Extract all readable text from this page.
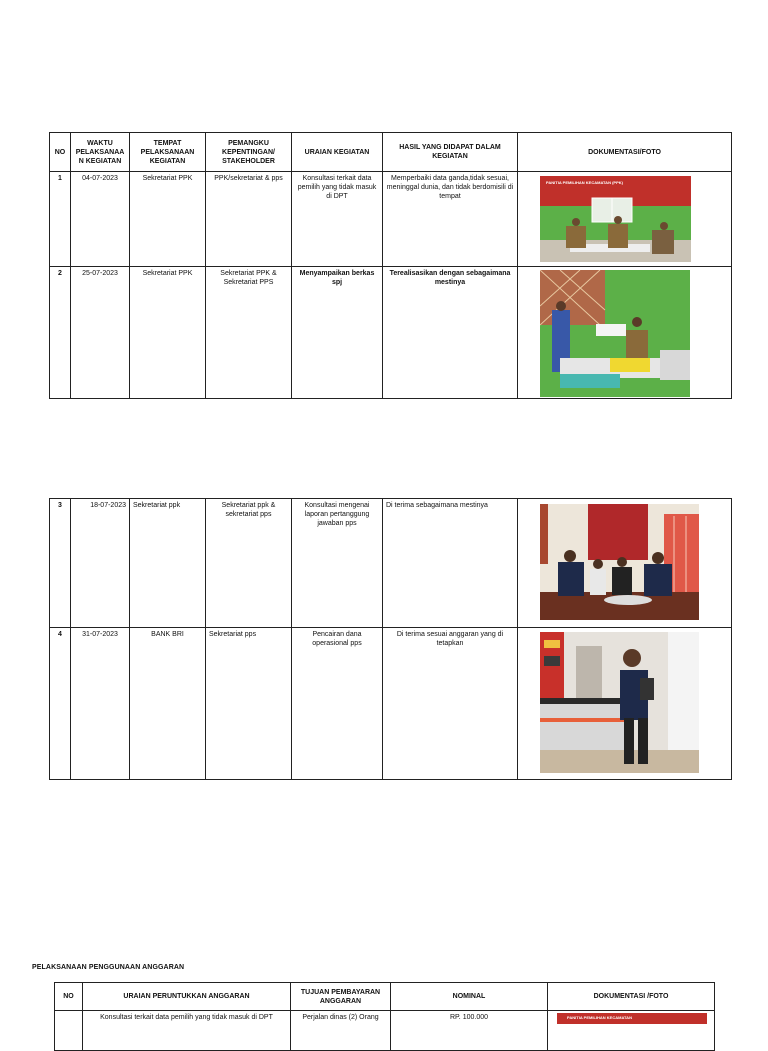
NO	WAKTU PELAKSANAA N KEGIATAN	TEMPAT PELAKSANAAN KEGIATAN	PEMANGKU KEPENTINGAN/ STAKEHOLDER	URAIAN KEGIATAN	HASIL YANG DIDAPAT DALAM KEGIATAN	DOKUMENTASI/FOTO
1	04-07-2023	Sekretariat PPK	PPK/sekretariat & pps	Konsultasi terkait data pemilih yang tidak masuk di DPT	Memperbaiki data ganda,tidak sesuai, meninggal dunia, dan tidak berdomisili di tempat	
2	25-07-2023	Sekretariat PPK	Sekretariat PPK & Sekretariat PPS	Menyampaikan berkas spj	Terealisasikan dengan sebagaimana mestinya	
3	18-07-2023	Sekretariat ppk	Sekretariat ppk & sekretariat pps	Konsultasi mengenai laporan pertanggung jawaban pps	Di terima sebagaimana mestinya	
4	31-07-2023	BANK BRI	Sekretariat pps	Pencairan dana operasional pps	Di terima sesuai anggaran yang di tetapkan	
PELAKSANAAN PENGGUNAAN ANGGARAN
NO	URAIAN PERUNTUKKAN ANGGARAN	TUJUAN PEMBAYARAN ANGGARAN	NOMINAL	DOKUMENTASI /FOTO
	Konsultasi terkait data pemilih yang tidak masuk di DPT	Perjalan dinas (2) Orang	RP. 100.000	
PANITIA PEMILIHAN KECAMATAN (PPK)
PANITIA PEMILIHAN KECAMATAN
